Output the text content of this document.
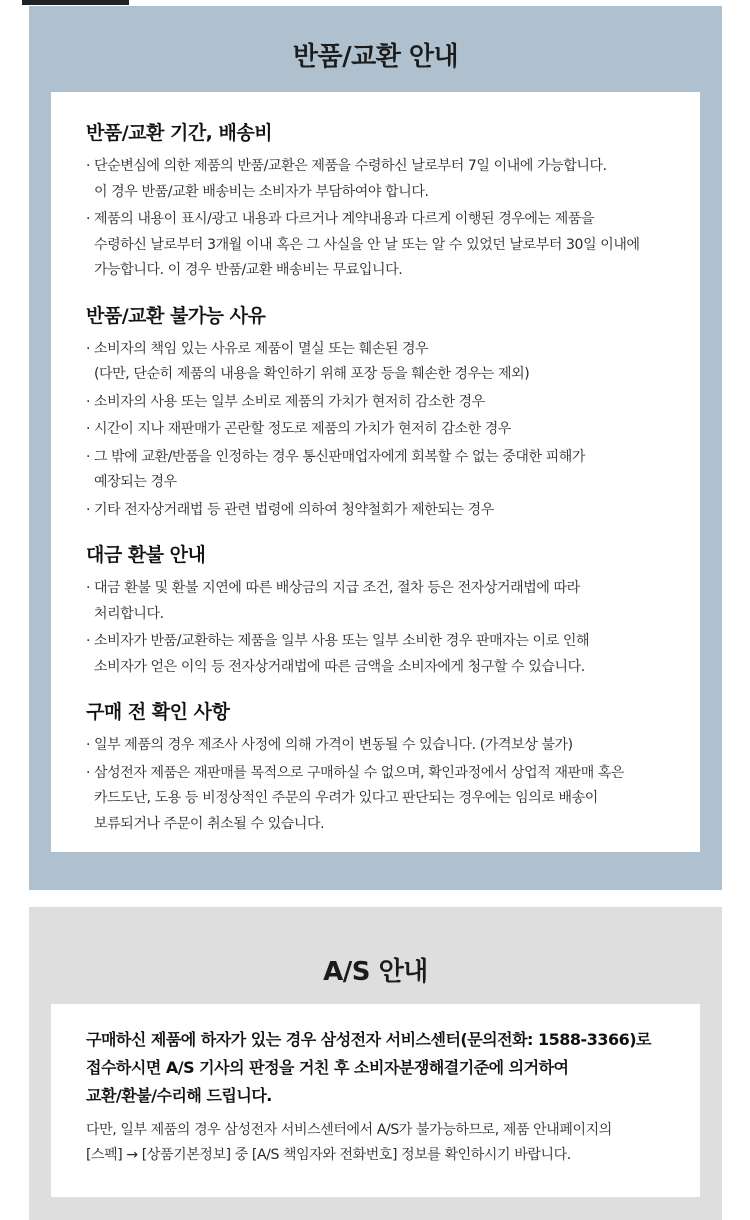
반품/교환 안내
반품/교환 기간, 배송비
· 단순변심에 의한 제품의 반품/교환은 제품을 수령하신 날로부터 7일 이내에 가능합니다.
이 경우 반품/교환 배송비는 소비자가 부담하여야 합니다.
· 제품의 내용이 표시/광고 내용과 다르거나 계약내용과 다르게 이행된 경우에는 제품을
수령하신 날로부터 3개월 이내 혹은 그 사실을 안 날 또는 알 수 있었던 날로부터 30일 이내에
가능합니다. 이 경우 반품/교환 배송비는 무료입니다.
반품/교환 불가능 사유
· 소비자의 책임 있는 사유로 제품이 멸실 또는 훼손된 경우
(다만, 단순히 제품의 내용을 확인하기 위해 포장 등을 훼손한 경우는 제외)
· 소비자의 사용 또는 일부 소비로 제품의 가치가 현저히 감소한 경우
· 시간이 지나 재판매가 곤란할 정도로 제품의 가치가 현저히 감소한 경우
· 그 밖에 교환/반품을 인정하는 경우 통신판매업자에게 회복할 수 없는 중대한 피해가
예장되는 경우
· 기타 전자상거래법 등 관련 법령에 의하여 청약철회가 제한되는 경우
대금 환불 안내
· 대금 환불 및 환불 지연에 따른 배상금의 지급 조건, 절차 등은 전자상거래법에 따라
처리합니다.
· 소비자가 반품/교환하는 제품을 일부 사용 또는 일부 소비한 경우 판매자는 이로 인해
소비자가 얻은 이익 등 전자상거래법에 따른 금액을 소비자에게 청구할 수 있습니다.
구매 전 확인 사항
· 일부 제품의 경우 제조사 사정에 의해 가격이 변동될 수 있습니다. (가격보상 불가)
· 삼성전자 제품은 재판매를 목적으로 구매하실 수 없으며, 확인과정에서 상업적 재판매 혹은
카드도난, 도용 등 비정상적인 주문의 우려가 있다고 판단되는 경우에는 임의로 배송이
보류되거나 주문이 취소될 수 있습니다.
A/S 안내
구매하신 제품에 하자가 있는 경우 삼성전자 서비스센터(문의전화: 1588-3366)로
접수하시면 A/S 기사의 판정을 거친 후 소비자분쟁해결기준에 의거하여
교환/환불/수리해 드립니다.
다만, 일부 제품의 경우 삼성전자 서비스센터에서 A/S가 불가능하므로, 제품 안내페이지의
[스펙] → [상품기본정보] 중 [A/S 책임자와 전화번호] 정보를 확인하시기 바랍니다.
